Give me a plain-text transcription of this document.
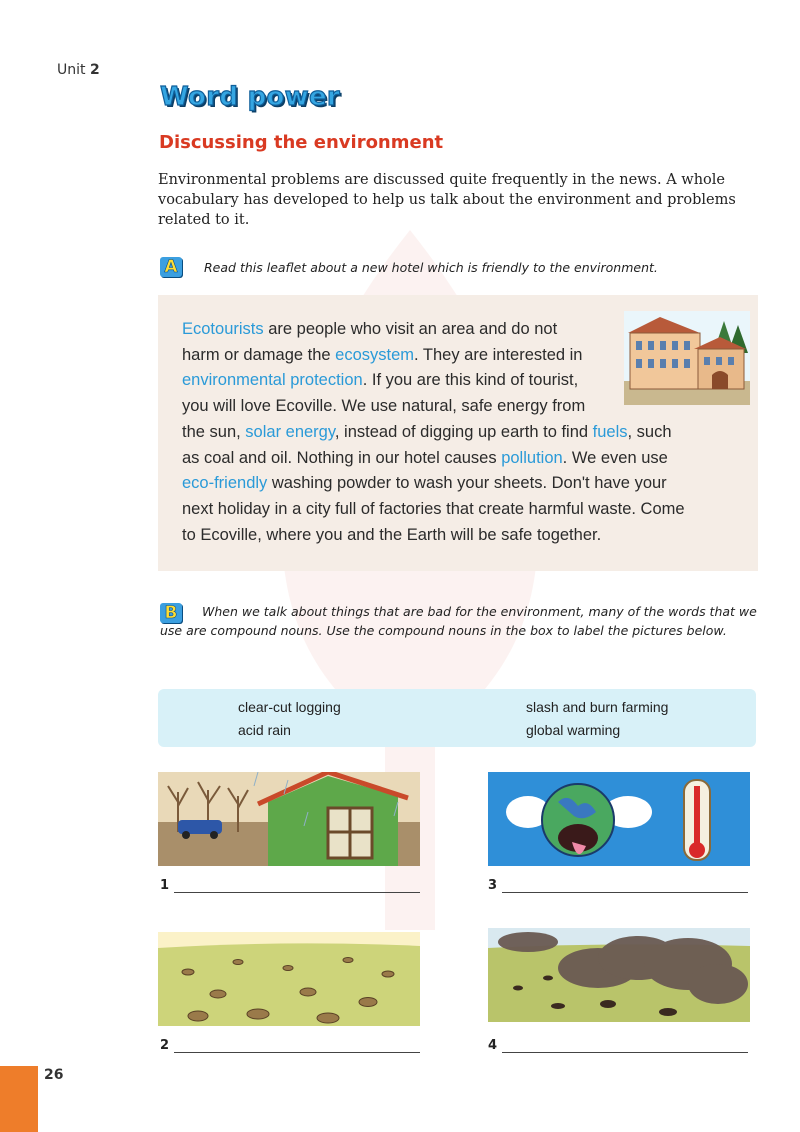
Unit 2
Word power
Discussing the environment
Environmental problems are discussed quite frequently in the news. A whole vocabulary has developed to help us talk about the environment and problems related to it.
A Read this leaflet about a new hotel which is friendly to the environment.
Ecotourists are people who visit an area and do not
harm or damage the ecosystem. They are interested in
environmental protection. If you are this kind of tourist,
you will love Ecoville. We use natural, safe energy from
the sun, solar energy, instead of digging up earth to find fuels, such
as coal and oil. Nothing in our hotel causes pollution. We even use
eco-friendly washing powder to wash your sheets. Don't have your
next holiday in a city full of factories that create harmful waste. Come
to Ecoville, where you and the Earth will be safe together.
B	When we talk about things that are bad for the environment, many of the words that we use are compound nouns. Use the compound nouns in the box to label the pictures below.
clear-cut logging	slash and burn farming
acid rain	global warming
1	3
2	4
26
